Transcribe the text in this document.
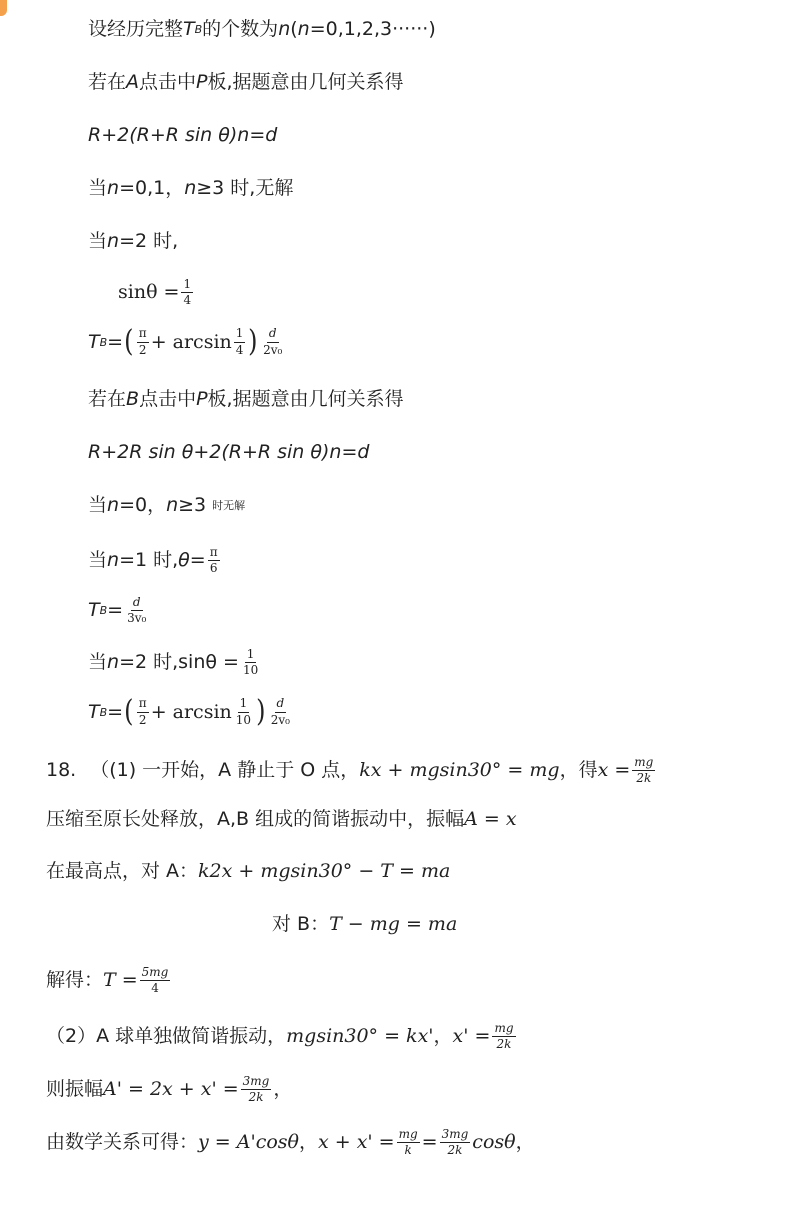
设经历完整 T B 的个数为 n ( n =0,1,2,3······)
若在 A 点击中 P 板,据题意由几何关系得
R+2(R+R sin θ)n=d
当 n =0,1， n ≥3 时,无解
当 n =2 时,
$\sin\theta = \frac{1}{4}$
T B = ( $\frac{\pi}{2} + \arcsin \frac{1}{4}$ ) $\frac{d}{\text{2v₀}}$
若在 B 点击中 P 板,据题意由几何关系得
R+2R sin θ+2(R+R sin θ)n=d
当 n =0， n ≥3 时无解
当 n =1 时, $\theta= \frac{\pi}{6}$
T $B = \frac{d}{\text{3v₀}}$
当 n =2 时$,\sin\theta = \frac{1}{10}$
T B = ( $\frac{\pi}{2} + \arcsin \frac{1}{10}$ ) $\frac{d}{\text{2v₀}}$
18. （(1) 一开始，A 静止于 O 点， kx + mgsin30° = mg ，得 $x = \frac{mg}{2k}$
压缩至原长处释放，A,B 组成的简谐振动中，振幅 A = x
在最高点，对 A： k2x + mgsin30° − T = ma
对 B： T − mg = ma
解得： $T = \frac{5mg}{4}$
（2）A 球单独做简谐振动， mgsin30° = kx' ， $x' = \frac{mg}{2k}$
则振幅 $A' = 2x + x' = \frac{3mg}{2k}$ ，
由数学关系可得： y = A'cosθ ， $x + x' = \frac{mg}{k} = \frac{3mg}{2k}$ cosθ ，
